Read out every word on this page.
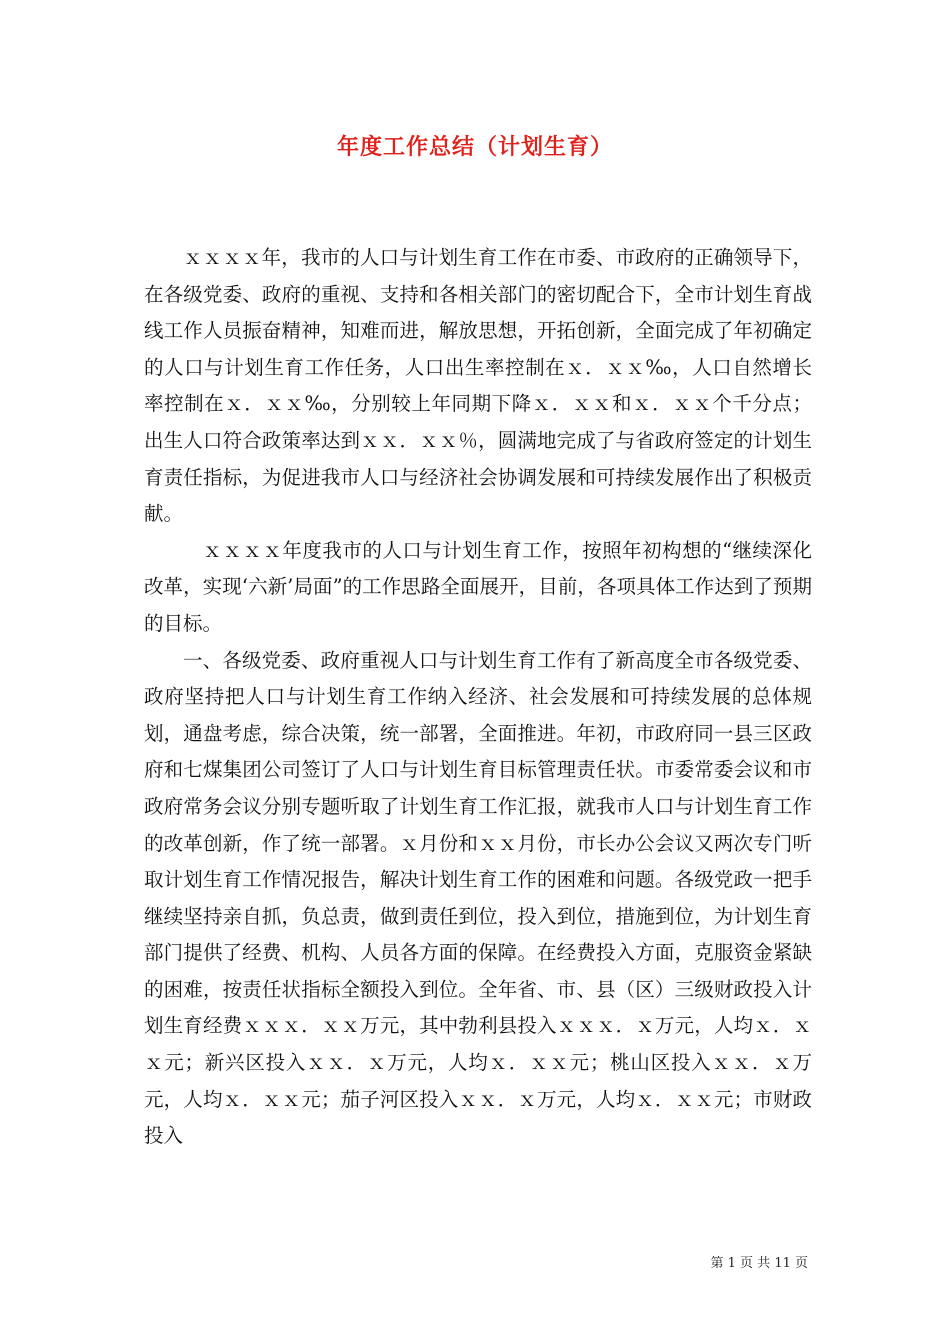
年度工作总结（计划生育）

ｘｘｘｘ年，我市的人口与计划生育工作在市委、市政府的正确领导下，在各级党委、政府的重视、支持和各相关部门的密切配合下，全市计划生育战线工作人员振奋精神，知难而进，解放思想，开拓创新，全面完成了年初确定的人口与计划生育工作任务，人口出生率控制在ｘ．ｘｘ‰，人口自然增长率控制在ｘ．ｘｘ‰，分别较上年同期下降ｘ．ｘｘ和ｘ．ｘｘ个千分点；出生人口符合政策率达到ｘｘ．ｘｘ％，圆满地完成了与省政府签定的计划生育责任指标，为促进我市人口与经济社会协调发展和可持续发展作出了积极贡献。

ｘｘｘｘ年度我市的人口与计划生育工作，按照年初构想的“继续深化改革，实现‘六新’局面”的工作思路全面展开，目前，各项具体工作达到了预期的目标。

一、各级党委、政府重视人口与计划生育工作有了新高度全市各级党委、政府坚持把人口与计划生育工作纳入经济、社会发展和可持续发展的总体规划，通盘考虑，综合决策，统一部署，全面推进。年初，市政府同一县三区政府和七煤集团公司签订了人口与计划生育目标管理责任状。市委常委会议和市政府常务会议分别专题听取了计划生育工作汇报，就我市人口与计划生育工作的改革创新，作了统一部署。ｘ月份和ｘｘ月份，市长办公会议又两次专门听取计划生育工作情况报告，解决计划生育工作的困难和问题。各级党政一把手继续坚持亲自抓，负总责，做到责任到位，投入到位，措施到位，为计划生育部门提供了经费、机构、人员各方面的保障。在经费投入方面，克服资金紧缺的困难，按责任状指标全额投入到位。全年省、市、县（区）三级财政投入计划生育经费ｘｘｘ．ｘｘ万元，其中勃利县投入ｘｘｘ．ｘ万元，人均ｘ．ｘｘ元；新兴区投入ｘｘ．ｘ万元，人均ｘ．ｘｘ元；桃山区投入ｘｘ．ｘ万元，人均ｘ．ｘｘ元；茄子河区投入ｘｘ．ｘ万元，人均ｘ．ｘｘ元；市财政投入

第 1 页 共 11 页
